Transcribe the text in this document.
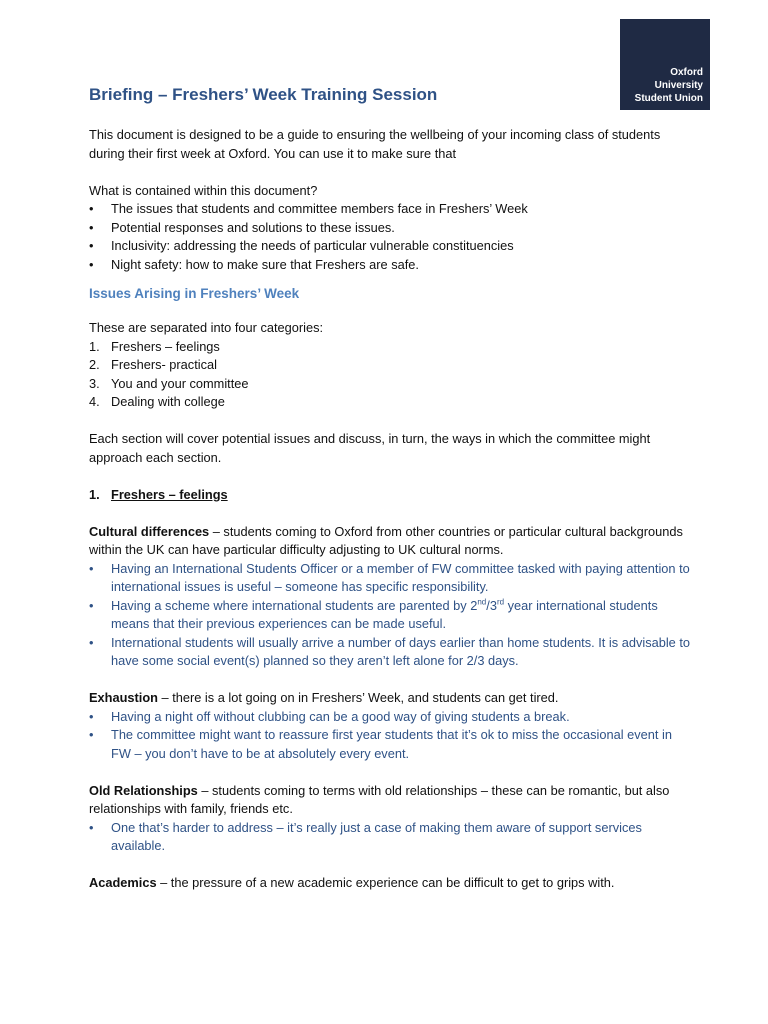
Oxford
University
Student Union
Briefing – Freshers’ Week Training Session

This document is designed to be a guide to ensuring the wellbeing of your incoming class of students during their first week at Oxford. You can use it to make sure that

What is contained within this document?

•	The issues that students and committee members face in Freshers’ Week
•	Potential responses and solutions to these issues.
•	Inclusivity: addressing the needs of particular vulnerable constituencies
•	Night safety: how to make sure that Freshers are safe.
Issues Arising in Freshers’ Week

These are separated into four categories:

1. Freshers – feelings
2. Freshers- practical
3. You and your committee
4. Dealing with college

Each section will cover potential issues and discuss, in turn, the ways in which the committee might approach each section.

1. Freshers – feelings

Cultural differences – students coming to Oxford from other countries or particular cultural backgrounds within the UK can have particular difficulty adjusting to UK cultural norms.

•	Having an International Students Officer or a member of FW committee tasked with paying attention to international issues is useful – someone has specific responsibility.
•	Having a scheme where international students are parented by 2nd/3rd year international students means that their previous experiences can be made useful.
•	International students will usually arrive a number of days earlier than home students. It is advisable to have some social event(s) planned so they aren’t left alone for 2/3 days.

Exhaustion – there is a lot going on in Freshers’ Week, and students can get tired.

•	Having a night off without clubbing can be a good way of giving students a break.
•	The committee might want to reassure first year students that it’s ok to miss the occasional event in FW – you don’t have to be at absolutely every event.

Old Relationships – students coming to terms with old relationships – these can be romantic, but also relationships with family, friends etc.

•	One that’s harder to address – it’s really just a case of making them aware of support services available.

Academics – the pressure of a new academic experience can be difficult to get to grips with.
